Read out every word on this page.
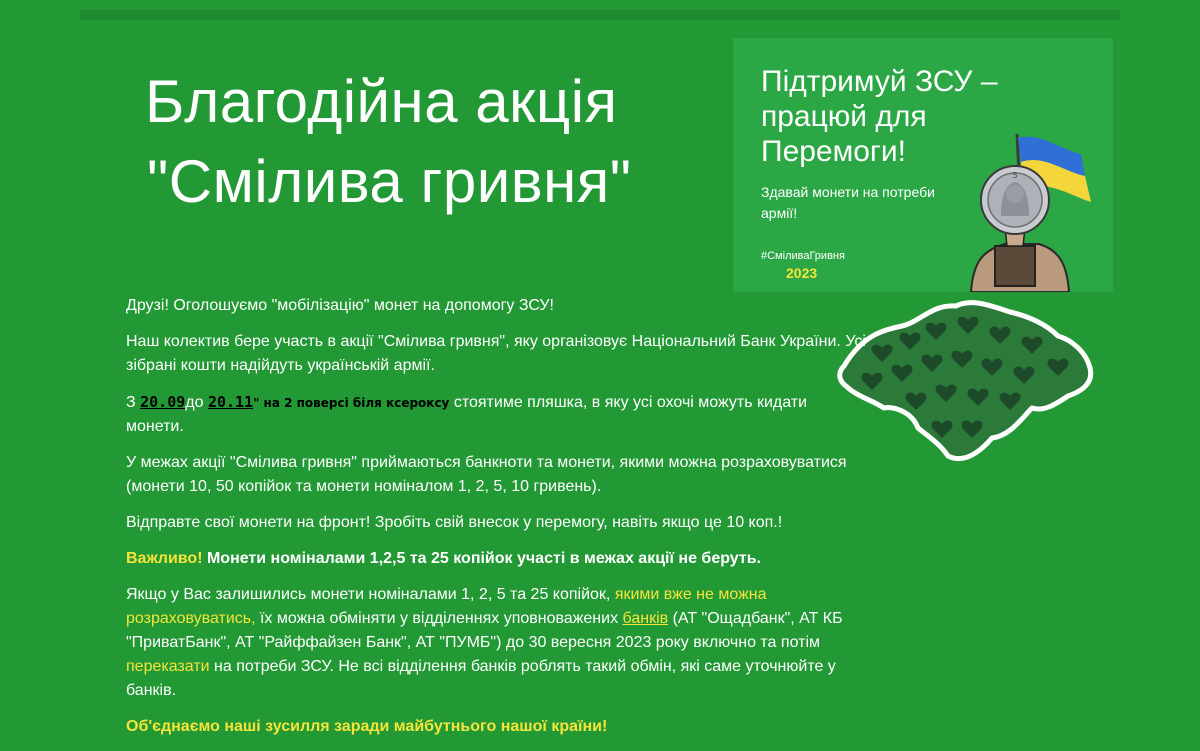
Благодійна акція
"Смілива гривня"
Підтримуй ЗСУ – працюй для Перемоги!
Здавай монети на потреби армії!
#СміливаГривня
2023
5

Друзі! Оголошуємо "мобілізацію" монет на допомогу ЗСУ!

Наш колектив бере участь в акції "Смілива гривня", яку організовує Національний Банк України. Усі зібрані кошти надійдуть українській армії.

З 20.09до 20.11" на 2 поверсі біля ксероксу стоятиме пляшка, в яку усі охочі можуть кидати монети.

У межах акції "Смілива гривня" приймаються банкноти та монети, якими можна розраховуватися (монети 10, 50 копійок та монети номіналом 1, 2, 5, 10 гривень).

Відправте свої монети на фронт! Зробіть свій внесок у перемогу, навіть якщо це 10 коп.!

Важливо! Монети номіналами 1,2,5 та 25 копійок участі в межах акції не беруть.

Якщо у Вас залишились монети номіналами 1, 2, 5 та 25 копійок, якими вже не можна розраховуватись, їх можна обміняти у відділеннях уповноважених банків (АТ "Ощадбанк", АТ КБ "ПриватБанк", АТ "Райффайзен Банк", АТ "ПУМБ") до 30 вересня 2023 року включно та потім переказати на потреби ЗСУ. Не всі відділення банків роблять такий обмін, які саме уточнюйте у банків.

Об'єднаємо наші зусилля заради майбутнього нашої країни!
